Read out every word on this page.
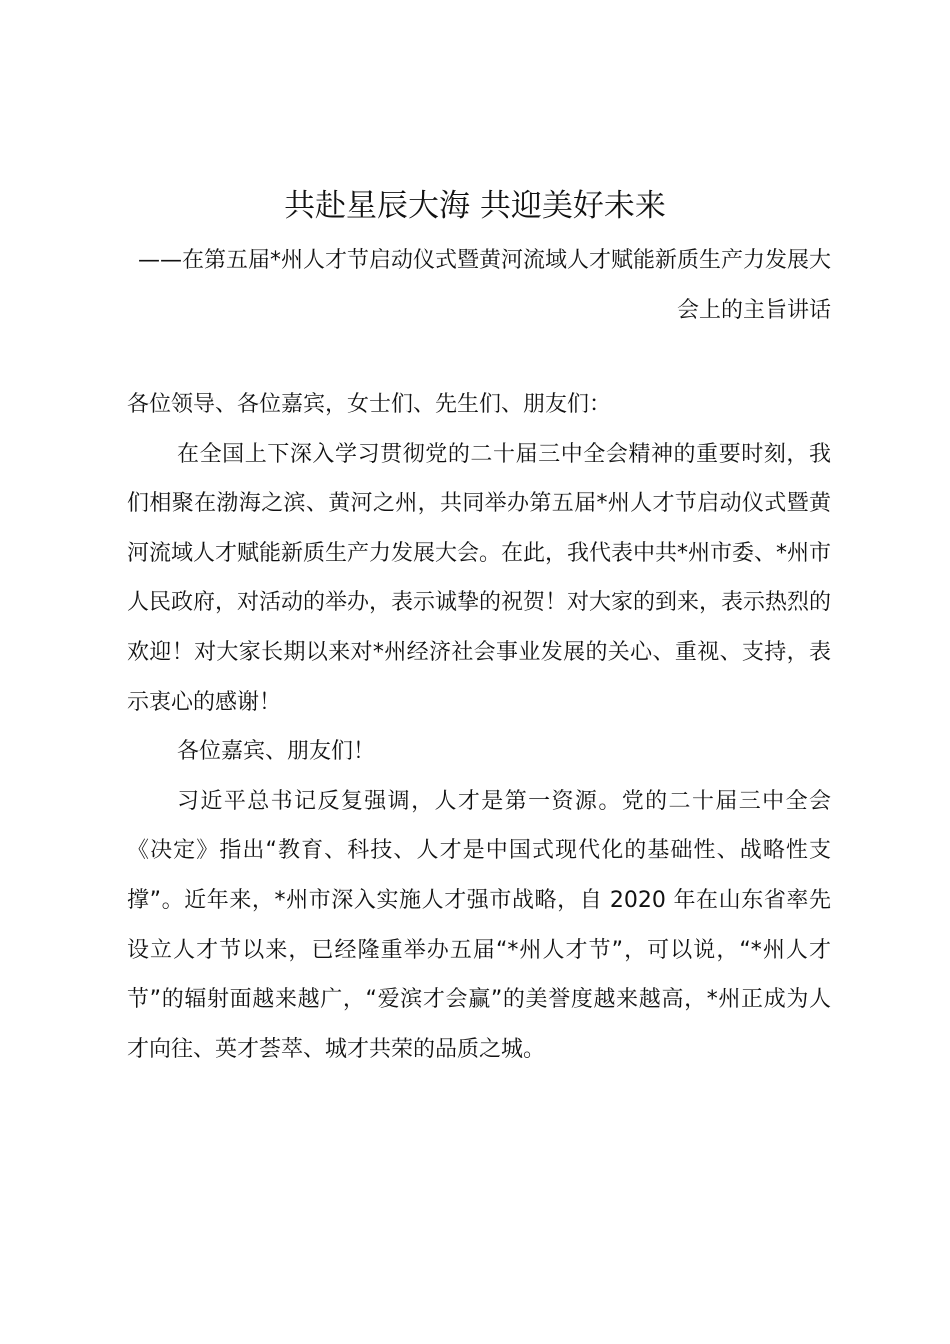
共赴星辰大海 共迎美好未来

——在第五届*州人才节启动仪式暨黄河流域人才赋能新质生产力发展大会上的主旨讲话

各位领导、各位嘉宾，女士们、先生们、朋友们：

在全国上下深入学习贯彻党的二十届三中全会精神的重要时刻，我们相聚在渤海之滨、黄河之州，共同举办第五届*州人才节启动仪式暨黄河流域人才赋能新质生产力发展大会。在此，我代表中共*州市委、*州市人民政府，对活动的举办，表示诚挚的祝贺！对大家的到来，表示热烈的欢迎！对大家长期以来对*州经济社会事业发展的关心、重视、支持，表示衷心的感谢！

各位嘉宾、朋友们！

习近平总书记反复强调，人才是第一资源。党的二十届三中全会《决定》指出“教育、科技、人才是中国式现代化的基础性、战略性支撑”。近年来，*州市深入实施人才强市战略，自 2020 年在山东省率先设立人才节以来，已经隆重举办五届“*州人才节”，可以说，“*州人才节”的辐射面越来越广，“爱滨才会赢”的美誉度越来越高，*州正成为人才向往、英才荟萃、城才共荣的品质之城。
